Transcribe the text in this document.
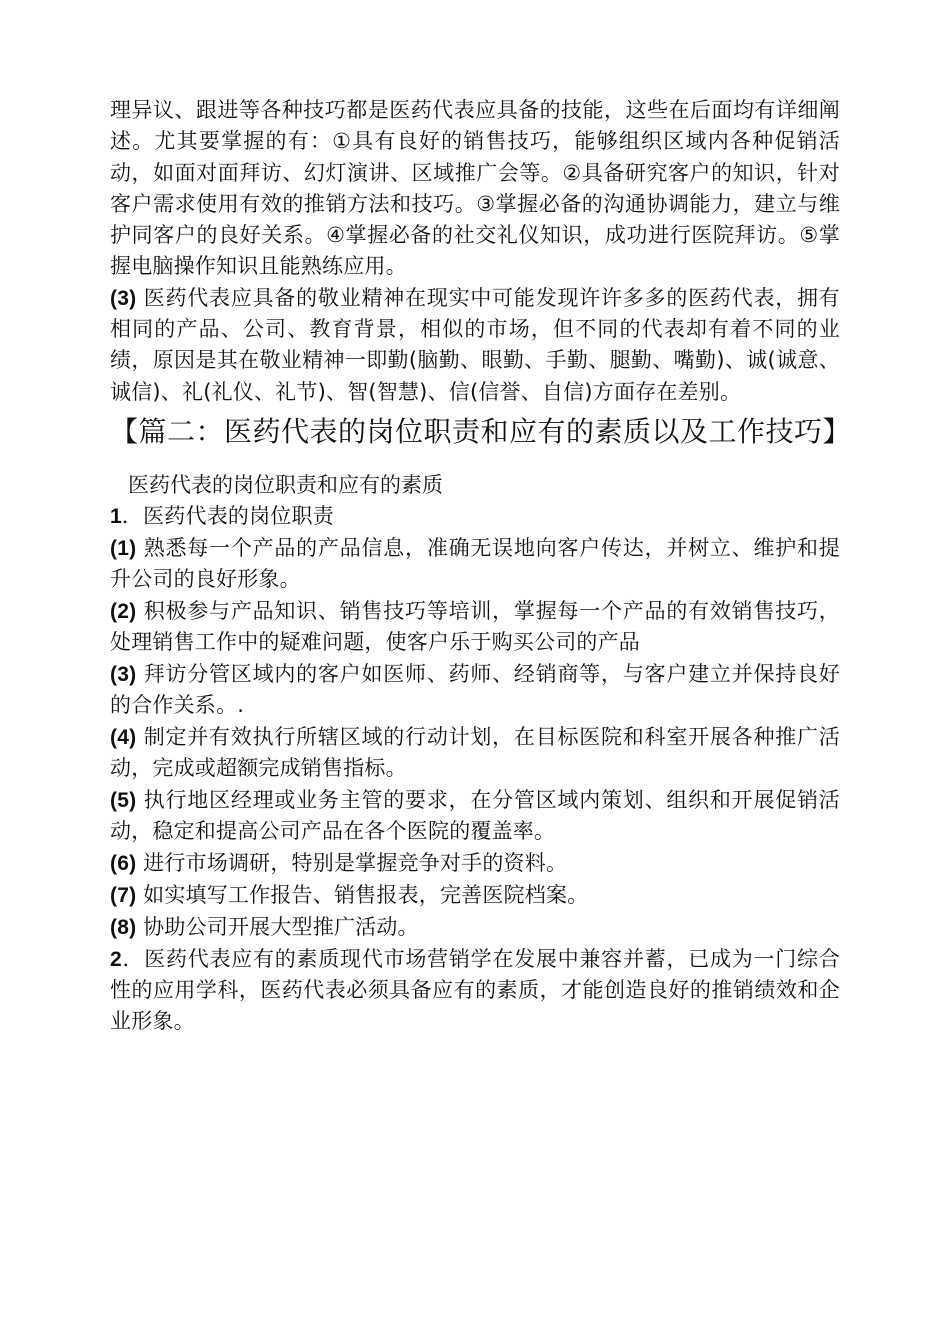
理异议、跟进等各种技巧都是医药代表应具备的技能，这些在后面均有详细阐述。尤其要掌握的有：①具有良好的销售技巧，能够组织区域内各种促销活动，如面对面拜访、幻灯演讲、区域推广会等。②具备研究客户的知识，针对客户需求使用有效的推销方法和技巧。③掌握必备的沟通协调能力，建立与维护同客户的良好关系。④掌握必备的社交礼仪知识，成功进行医院拜访。⑤掌握电脑操作知识且能熟练应用。

(3) 医药代表应具备的敬业精神在现实中可能发现许许多多的医药代表，拥有相同的产品、公司、教育背景，相似的市场，但不同的代表却有着不同的业绩，原因是其在敬业精神一即勤(脑勤、眼勤、手勤、腿勤、嘴勤)、诚(诚意、诚信)、礼(礼仪、礼节)、智(智慧)、信(信誉、自信)方面存在差别。

【篇二：医药代表的岗位职责和应有的素质以及工作技巧】

医药代表的岗位职责和应有的素质

1．医药代表的岗位职责

(1) 熟悉每一个产品的产品信息，准确无误地向客户传达，并树立、维护和提升公司的良好形象。

(2) 积极参与产品知识、销售技巧等培训，掌握每一个产品的有效销售技巧，处理销售工作中的疑难问题，使客户乐于购买公司的产品

(3) 拜访分管区域内的客户如医师、药师、经销商等，与客户建立并保持良好的合作关系。.

(4) 制定并有效执行所辖区域的行动计划，在目标医院和科室开展各种推广活动，完成或超额完成销售指标。

(5) 执行地区经理或业务主管的要求，在分管区域内策划、组织和开展促销活动，稳定和提高公司产品在各个医院的覆盖率。

(6) 进行市场调研，特别是掌握竞争对手的资料。

(7) 如实填写工作报告、销售报表，完善医院档案。

(8) 协助公司开展大型推广活动。

2．医药代表应有的素质现代市场营销学在发展中兼容并蓄，已成为一门综合性的应用学科，医药代表必须具备应有的素质，才能创造良好的推销绩效和企业形象。
